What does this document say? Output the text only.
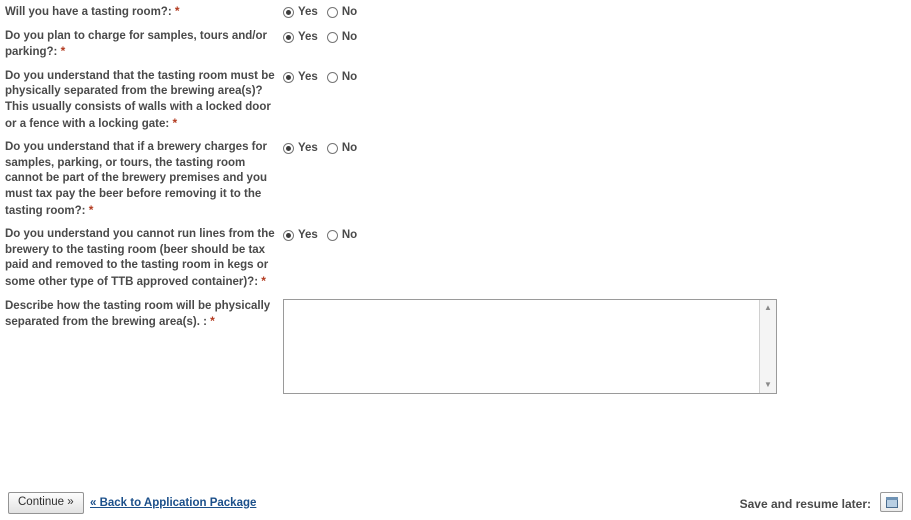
Will you have a tasting room?: *	Yes No
Do you plan to charge for samples, tours and/or parking?: *
Yes No
Do you understand that the tasting room must be physically separated from the brewing area(s)? This usually consists of walls with a locked door or a fence with a locking gate: *
Yes No
Do you understand that if a brewery charges for samples, parking, or tours, the tasting room cannot be part of the brewery premises and you must tax pay the beer before removing it to the tasting room?: *
Yes No
Do you understand you cannot run lines from the brewery to the tasting room (beer should be tax paid and removed to the tasting room in kegs or some other type of TTB approved container)?: *
Yes No
Describe how the tasting room will be physically separated from the brewing area(s). : *
▲
▼
Continue »	« Back to Application Package	Save and resume later:
